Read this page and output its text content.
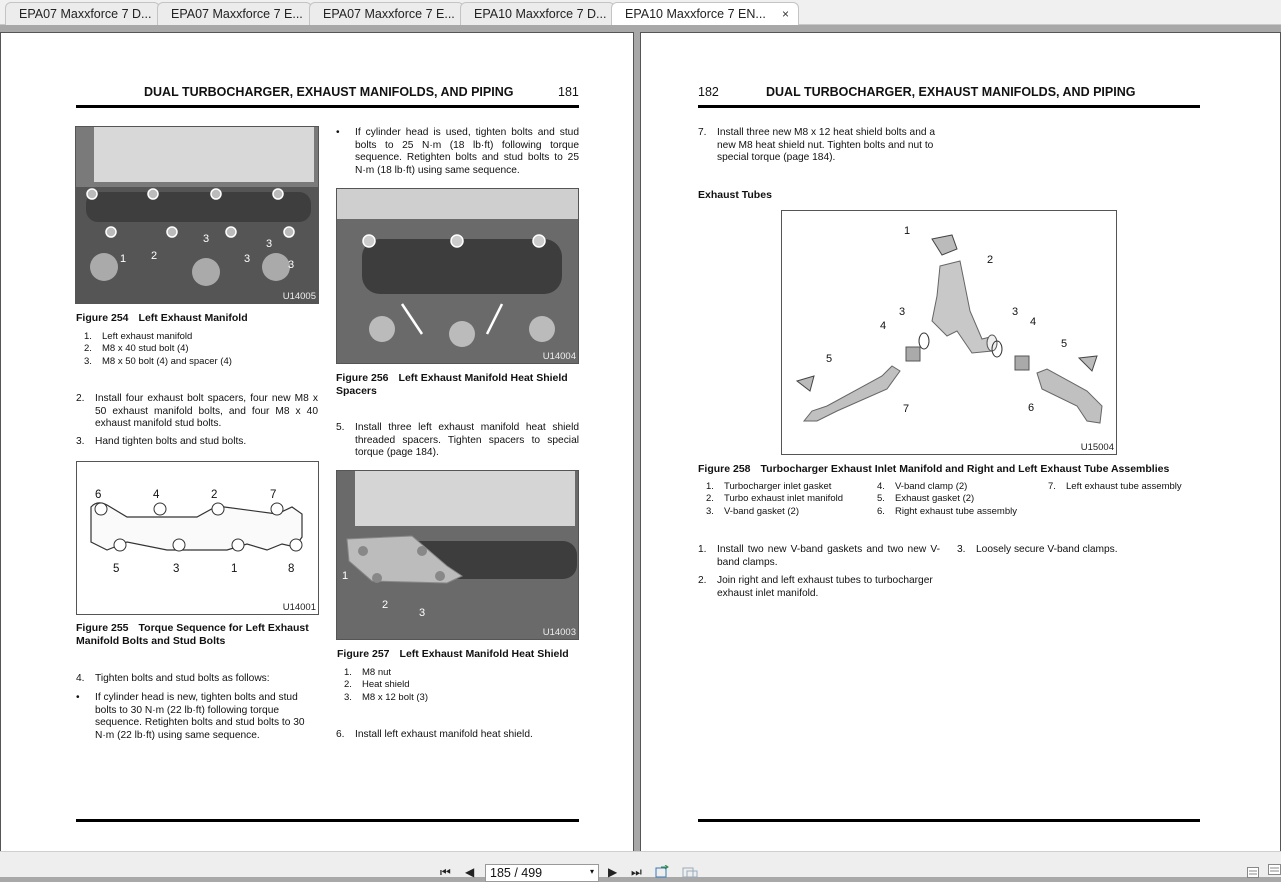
EPA07 Maxxforce 7 D...	EPA07 Maxxforce 7 E...	EPA07 Maxxforce 7 E...	EPA10 Maxxforce 7 D...	EPA10 Maxxforce 7 EN... ×
DUAL TURBOCHARGER, EXHAUST MANIFOLDS, AND PIPING	181
1 2
3
3
3
3
U14005
Figure 254 Left Exhaust Manifold
1. Left exhaust manifold
2. M8 x 40 stud bolt (4)
3. M8 x 50 bolt (4) and spacer (4)
2. Install four exhaust bolt spacers, four new M8 x 50 exhaust manifold bolts, and four M8 x 40 exhaust manifold stud bolts.
3. Hand tighten bolts and stud bolts.
6	4	2	7
5	3	1	8
U14001
Figure 255 Torque Sequence for Left Exhaust Manifold Bolts and Stud Bolts
4. Tighten bolts and stud bolts as follows:
• If cylinder head is new, tighten bolts and stud bolts to 30 N·m (22 lb·ft) following torque sequence. Retighten bolts and stud bolts to 30 N·m (22 lb·ft) using same sequence.
• If cylinder head is used, tighten bolts and stud bolts to 25 N·m (18 lb·ft) following torque sequence. Retighten bolts and stud bolts to 25 N·m (18 lb·ft) using same sequence.
U14004
Figure 256 Left Exhaust Manifold Heat Shield Spacers
5. Install three left exhaust manifold heat shield threaded spacers. Tighten spacers to special torque (page 184).
1
2
3
U14003
Figure 257 Left Exhaust Manifold Heat Shield
1. M8 nut
2. Heat shield
3. M8 x 12 bolt (3)
6. Install left exhaust manifold heat shield.
182	DUAL TURBOCHARGER, EXHAUST MANIFOLDS, AND PIPING
7. Install three new M8 x 12 heat shield bolts and a new M8 heat shield nut. Tighten bolts and nut to special torque (page 184).
Exhaust Tubes
1
2
3	3
4	4
5
5
6
7
U15004
Figure 258 Turbocharger Exhaust Inlet Manifold and Right and Left Exhaust Tube Assemblies
1. Turbocharger inlet gasket
2. Turbo exhaust inlet manifold
3. V-band gasket (2)
4. V-band clamp (2)
5. Exhaust gasket (2)
6. Right exhaust tube assembly
7. Left exhaust tube assembly
1. Install two new V-band gaskets and two new V-band clamps.
2. Join right and left exhaust tubes to turbocharger exhaust inlet manifold.
3. Loosely secure V-band clamps.
⏮ ◀	185 / 499	▾ ▶ ⏭
